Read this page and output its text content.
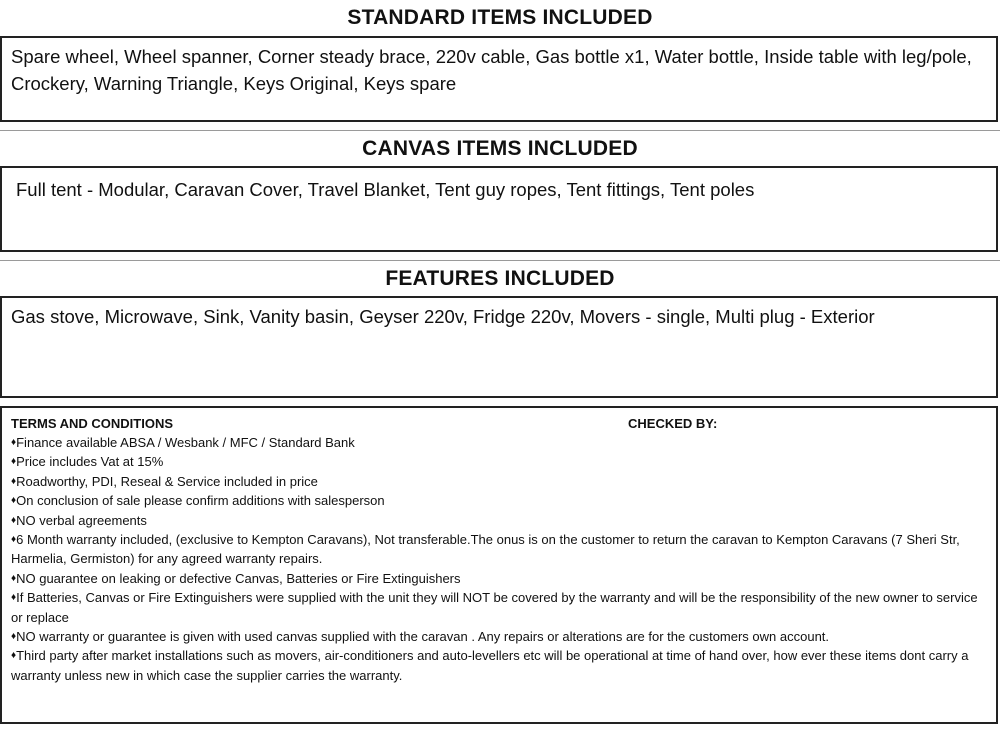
STANDARD ITEMS INCLUDED
Spare wheel, Wheel spanner, Corner steady brace, 220v cable, Gas bottle x1, Water bottle, Inside table with leg/pole, Crockery, Warning Triangle, Keys Original, Keys spare
CANVAS ITEMS INCLUDED
Full tent - Modular, Caravan Cover, Travel Blanket, Tent guy ropes, Tent fittings, Tent poles
FEATURES INCLUDED
Gas stove, Microwave, Sink, Vanity basin, Geyser 220v, Fridge 220v, Movers - single, Multi plug - Exterior
TERMS AND CONDITIONS	CHECKED BY:
♦Finance available ABSA / Wesbank / MFC / Standard Bank
♦Price includes Vat at 15%
♦Roadworthy, PDI, Reseal & Service included in price
♦On conclusion of sale please confirm additions with salesperson
♦NO verbal agreements
♦6 Month warranty included, (exclusive to Kempton Caravans), Not transferable.The onus is on the customer to return the caravan to Kempton Caravans (7 Sheri Str, Harmelia, Germiston) for any agreed warranty repairs.
♦NO guarantee on leaking or defective Canvas, Batteries or Fire Extinguishers
♦If Batteries, Canvas or Fire Extinguishers were supplied with the unit they will NOT be covered by the warranty and will be the responsibility of the new owner to service or replace
♦NO warranty or guarantee is given with used canvas supplied with the caravan . Any repairs or alterations are for the customers own account.
♦Third party after market installations such as movers, air-conditioners and auto-levellers etc will be operational at time of hand over, how ever these items dont carry a warranty unless new in which case the supplier carries the warranty.
